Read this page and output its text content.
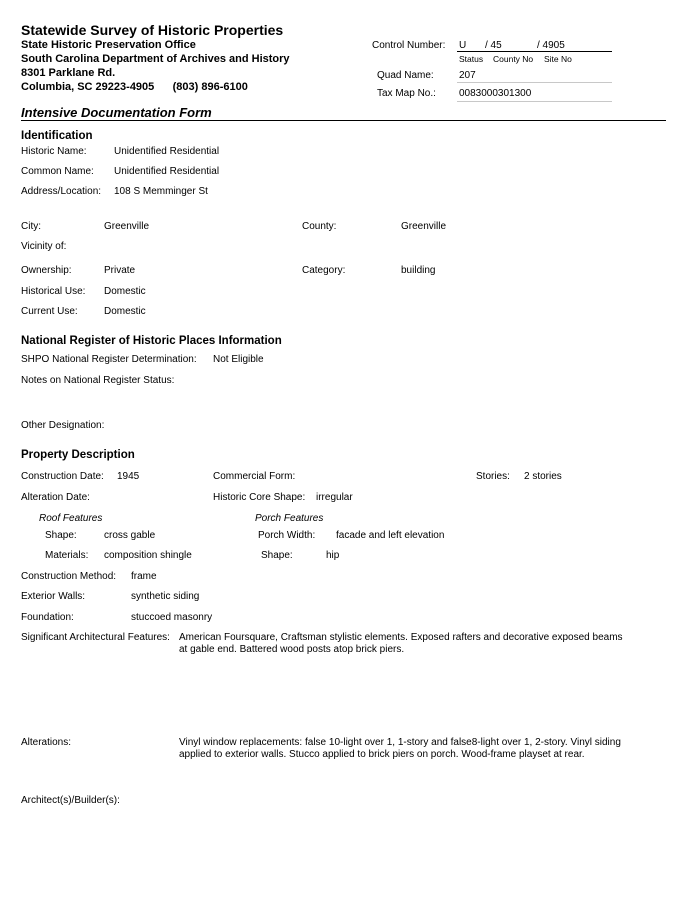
Statewide Survey of Historic Properties
State Historic Preservation Office
South Carolina Department of Archives and History
8301 Parklane Rd.
Columbia, SC 29223-4905      (803) 896-6100
Control Number: U / 45	/ 4905
Status County No Site No
Quad Name:	207
Tax Map No.: 0083000301300
Intensive Documentation Form
Identification
Historic Name:	Unidentified Residential
Common Name: Unidentified Residential
Address/Location: 108 S Memminger St
City:	Greenville	County:	Greenville
Vicinity of:
Ownership:	Private	Category:	building
Historical Use: Domestic
Current Use:	Domestic
National Register of Historic Places Information
SHPO National Register Determination: Not Eligible
Notes on National Register Status:
Other Designation:
Property Description
Construction Date: 1945	Commercial Form:	Stories: 2 stories
Alteration Date:	Historic Core Shape: irregular
Roof Features	Porch Features
Shape:	cross gable	Porch Width: facade and left elevation
Materials: composition shingle	Shape:	hip
Construction Method: frame
Exterior Walls:	synthetic siding
Foundation:	stuccoed masonry
Significant Architectural Features: American Foursquare, Craftsman stylistic elements. Exposed rafters and decorative exposed beams at gable end. Battered wood posts atop brick piers.
Alterations:	Vinyl window replacements: false 10-light over 1, 1-story and false8-light over 1, 2-story. Vinyl siding applied to exterior walls. Stucco applied to brick piers on porch. Wood-frame playset at rear.
Architect(s)/Builder(s):
